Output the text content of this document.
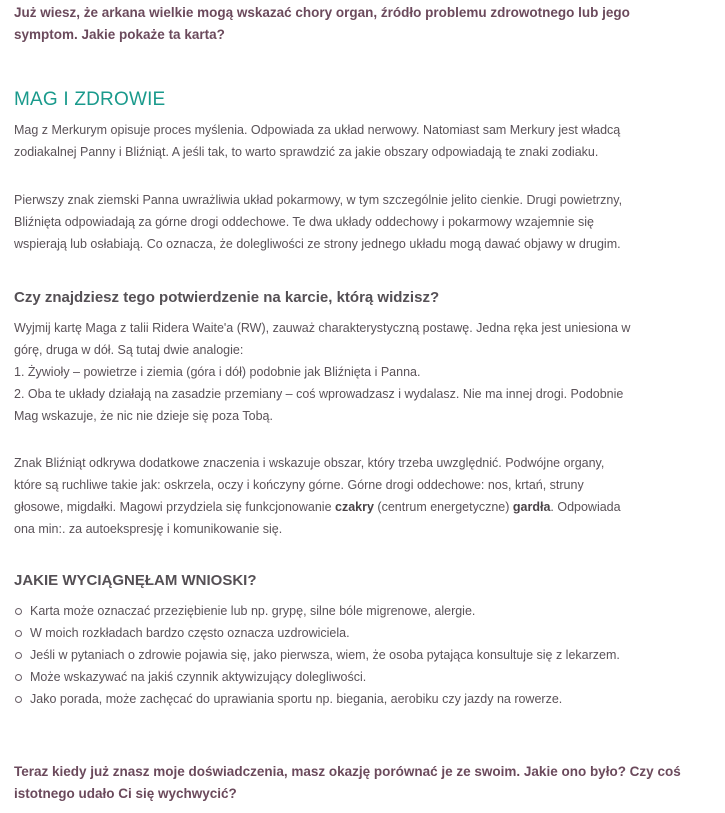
Już wiesz, że arkana wielkie mogą wskazać chory organ, źródło problemu zdrowotnego lub jego
symptom. Jakie pokaże ta karta?
MAG I ZDROWIE

Mag z Merkurym opisuje proces myślenia. Odpowiada za układ nerwowy. Natomiast sam Merkury jest władcą

zodiakalnej Panny i Bliźniąt. A jeśli tak, to warto sprawdzić za jakie obszary odpowiadają te znaki zodiaku.

Pierwszy znak ziemski Panna uwrażliwia układ pokarmowy, w tym szczególnie jelito cienkie. Drugi powietrzny,

Bliźnięta odpowiadają za górne drogi oddechowe. Te dwa układy oddechowy i pokarmowy wzajemnie się

wspierają lub osłabiają. Co oznacza, że dolegliwości ze strony jednego układu mogą dawać objawy w drugim.

Czy znajdziesz tego potwierdzenie na karcie, którą widzisz?

Wyjmij kartę Maga z talii Ridera Waite'a (RW), zauważ charakterystyczną postawę. Jedna ręka jest uniesiona w

górę, druga w dół. Są tutaj dwie analogie:

1. Żywioły – powietrze i ziemia (góra i dół) podobnie jak Bliźnięta i Panna.

2. Oba te układy działają na zasadzie przemiany – coś wprowadzasz i wydalasz. Nie ma innej drogi. Podobnie

Mag wskazuje, że nic nie dzieje się poza Tobą.

Znak Bliźniąt odkrywa dodatkowe znaczenia i wskazuje obszar, który trzeba uwzględnić. Podwójne organy,

które są ruchliwe takie jak: oskrzela, oczy i kończyny górne. Górne drogi oddechowe: nos, krtań, struny

głosowe, migdałki. Magowi przydziela się funkcjonowanie czakry (centrum energetyczne) gardła. Odpowiada

ona min:. za autoekspresję i komunikowanie się.

JAKIE WYCIĄGNĘŁAM WNIOSKI?
Karta może oznaczać przeziębienie lub np. grypę, silne bóle migrenowe, alergie.
W moich rozkładach bardzo często oznacza uzdrowiciela.
Jeśli w pytaniach o zdrowie pojawia się, jako pierwsza, wiem, że osoba pytająca konsultuje się z lekarzem.
Może wskazywać na jakiś czynnik aktywizujący dolegliwości.
Jako porada, może zachęcać do uprawiania sportu np. biegania, aerobiku czy jazdy na rowerze.
Teraz kiedy już znasz moje doświadczenia, masz okazję porównać je ze swoim. Jakie ono było? Czy coś
istotnego udało Ci się wychwycić?
